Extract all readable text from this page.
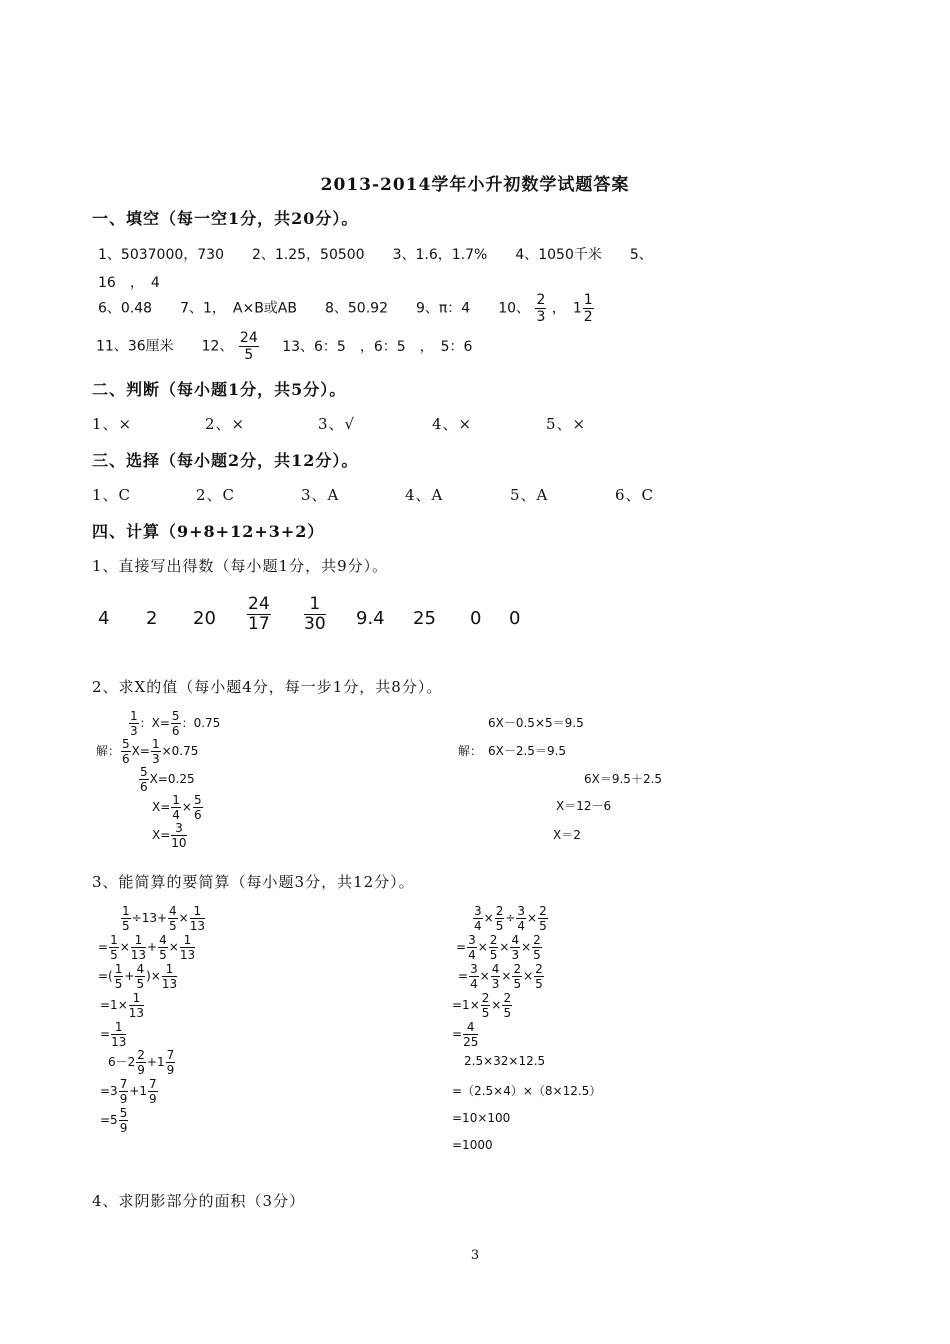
2013-2014学年小升初数学试题答案
一、填空（每一空1分，共20分）。
1、5037000，730　　2、1.25，50500　　3、1.6，1.7%　　4、1050千米　　5、
16　，　4
6、0.48　　7、1，　A×B或AB　　8、50.92　　9、π：4　　10、 $\frac{2}{3}$ ，　$1 \frac{1}{2}$
11、36厘米　　12、 $\frac{24}{5} 13$、6：5　，6：5　，　5：6
二、判断（每小题1分，共5分）。
1、×	2、×	3、√	4、×	5、×
三、选择（每小题2分，共12分）。
1、C	2、C	3、A	4、A	5、A	6、C
四、计算（9+8+12+3+2）
1、直接写出得数（每小题1分，共9分）。
4 2 $20 \frac{24}{17} \frac{1}{30} 9.4$ 25 0 0
2、求X的值（每小题4分，每一步1分，共8分）。
$\frac{1}{3}$ ：$X= \frac{5}{6}$ ：0.75
解： $\frac{5}{6} X= \frac{1}{3} \times 0.75$
$\frac{5}{6} X=0.25$
$X= \frac{1}{4} \times \frac{5}{6}$
$X= \frac{3}{10}$
6X－0.5×5＝9.5
解：　6X－2.5＝9.5
6X＝9.5＋2.5
X＝12－6
X＝2
3、能简算的要简算（每小题3分，共12分）。
$\frac{1}{5} \div 13+ \frac{4}{5} \times \frac{1}{13}$
= $\frac{1}{5} \times \frac{1}{13} + \frac{4}{5} \times \frac{1}{13}$
=( $\frac{1}{5} + \frac{4}{5}$ )× $\frac{1}{13}$
$=1\times \frac{1}{13}$
= $\frac{1}{13}$
$6-2 \frac{2}{9} +1 \frac{7}{9}$
$=3 \frac{7}{9} +1 \frac{7}{9}$
$=5 \frac{5}{9}$
$\frac{3}{4} \times \frac{2}{5} \div \frac{3}{4} \times \frac{2}{5}$
= $\frac{3}{4} \times \frac{2}{5} \times \frac{4}{3} \times \frac{2}{5}$
= $\frac{3}{4} \times \frac{4}{3} \times \frac{2}{5} \times \frac{2}{5}$
$=1\times \frac{2}{5} \times \frac{2}{5}$
= $\frac{4}{25}$
2.5×32×12.5
=（2.5×4）×（8×12.5）
=10×100
=1000
4、求阴影部分的面积（3分）
3
